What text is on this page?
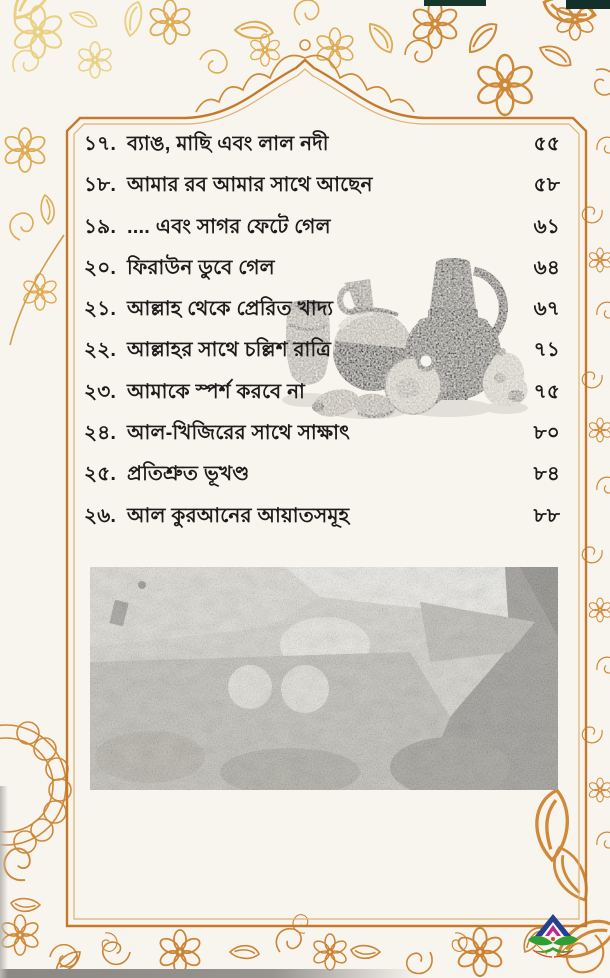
১৭. ব্যাঙ, মাছি এবং লাল নদী	৫৫
১৮. আমার রব আমার সাথে আছেন	৫৮
১৯. .... এবং সাগর ফেটে গেল	৬১
২০. ফিরাউন ডুবে গেল	৬৪
২১. আল্লাহ থেকে প্রেরিত খাদ্য	৬৭
২২. আল্লাহর সাথে চল্লিশ রাত্রি	৭১
২৩. আমাকে স্পর্শ করবে না	৭৫
২৪. আল-খিজিরের সাথে সাক্ষাৎ	৮০
২৫. প্রতিশ্রুত ভূখণ্ড	৮৪
২৬. আল কুরআনের আয়াতসমূহ	৮৮
